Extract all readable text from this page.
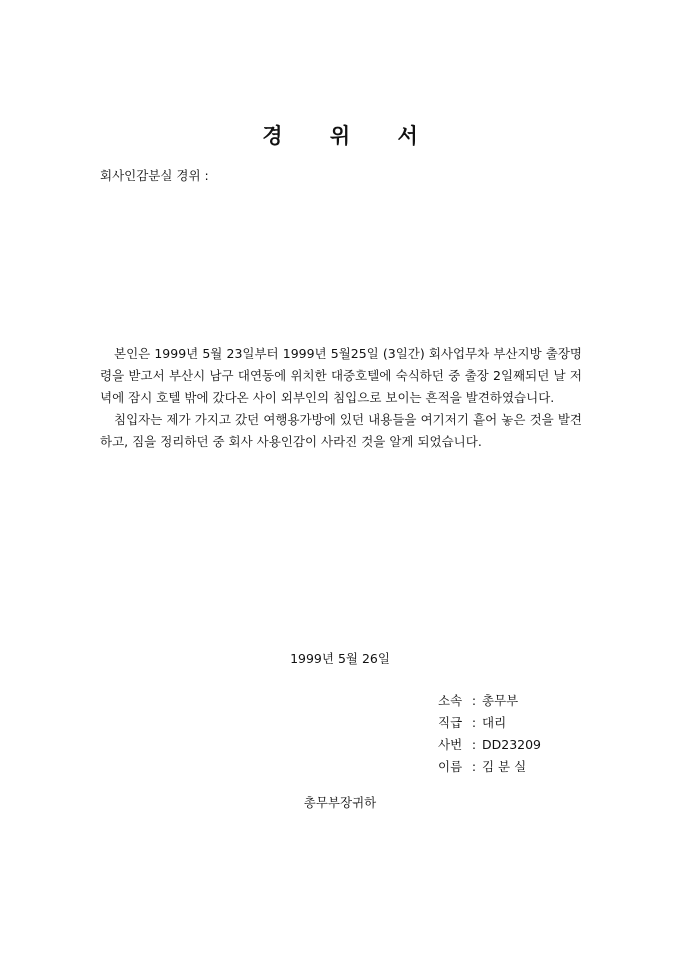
경 위 서
회사인감분실 경위 :

본인은 1999년 5월 23일부터 1999년 5월25일 (3일간) 회사업무차 부산지방 출장명령을 받고서 부산시 남구 대연동에 위치한 대중호텔에 숙식하던 중 출장 2일째되던 날 저녁에 잠시 호텔 밖에 갔다온 사이 외부인의 침입으로 보이는 흔적을 발견하였습니다.

침입자는 제가 가지고 갔던 여행용가방에 있던 내용들을 여기저기 흩어 놓은 것을 발견하고, 짐을 정리하던 중 회사 사용인감이 사라진 것을 알게 되었습니다.

1999년 5월 26일
소속 : 총무부
직급 : 대리
사번 : DD23209
이름 : 김 분 실
총무부장귀하
